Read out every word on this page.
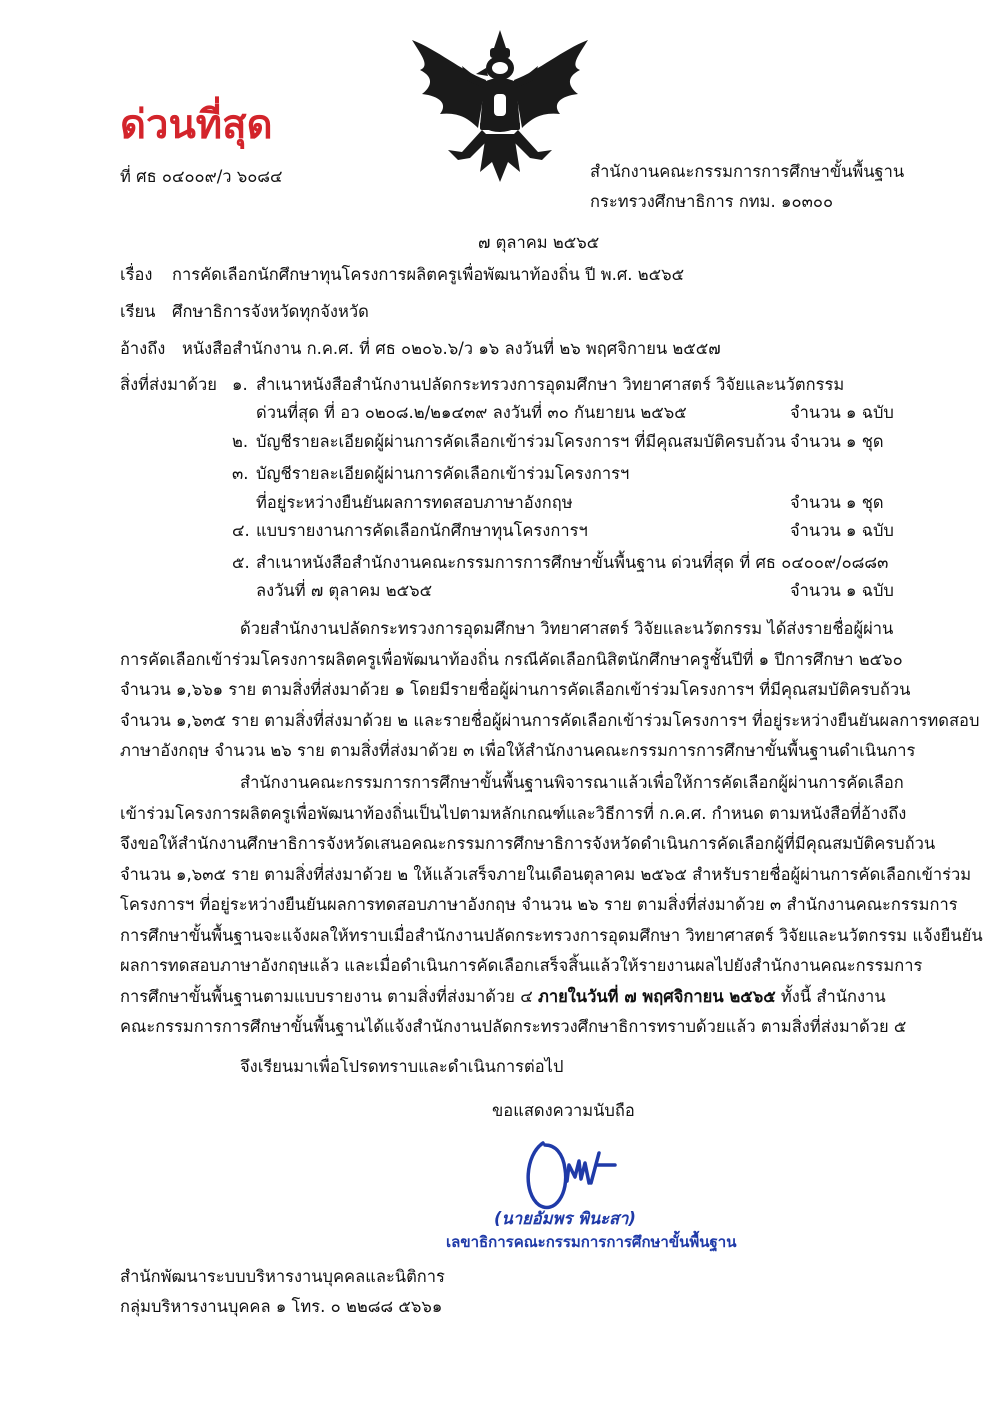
ด่วนที่สุด
ที่ ศธ ๐๔๐๐๙/ว ๖๐๘๔	สำนักงานคณะกรรมการการศึกษาขั้นพื้นฐาน
กระทรวงศึกษาธิการ กทม. ๑๐๓๐๐
๗ ตุลาคม ๒๕๖๕
เรื่อง การคัดเลือกนักศึกษาทุนโครงการผลิตครูเพื่อพัฒนาท้องถิ่น ปี พ.ศ. ๒๕๖๕
เรียน ศึกษาธิการจังหวัดทุกจังหวัด
อ้างถึง หนังสือสำนักงาน ก.ค.ศ. ที่ ศธ ๐๒๐๖.๖/ว ๑๖ ลงวันที่ ๒๖ พฤศจิกายน ๒๕๕๗
สิ่งที่ส่งมาด้วย ๑. สำเนาหนังสือสำนักงานปลัดกระทรวงการอุดมศึกษา วิทยาศาสตร์ วิจัยและนวัตกรรม
ด่วนที่สุด ที่ อว ๐๒๐๘.๒/๒๑๔๓๙ ลงวันที่ ๓๐ กันยายน ๒๕๖๕	จำนวน ๑ ฉบับ
๒. บัญชีรายละเอียดผู้ผ่านการคัดเลือกเข้าร่วมโครงการฯ ที่มีคุณสมบัติครบถ้วน จำนวน ๑ ชุด
๓. บัญชีรายละเอียดผู้ผ่านการคัดเลือกเข้าร่วมโครงการฯ
ที่อยู่ระหว่างยืนยันผลการทดสอบภาษาอังกฤษ	จำนวน ๑ ชุด
๔. แบบรายงานการคัดเลือกนักศึกษาทุนโครงการฯ	จำนวน ๑ ฉบับ
๕. สำเนาหนังสือสำนักงานคณะกรรมการการศึกษาขั้นพื้นฐาน ด่วนที่สุด ที่ ศธ ๐๔๐๐๙/๐๘๘๓
ลงวันที่ ๗ ตุลาคม ๒๕๖๕	จำนวน ๑ ฉบับ
ด้วยสำนักงานปลัดกระทรวงการอุดมศึกษา วิทยาศาสตร์ วิจัยและนวัตกรรม ได้ส่งรายชื่อผู้ผ่าน
การคัดเลือกเข้าร่วมโครงการผลิตครูเพื่อพัฒนาท้องถิ่น กรณีคัดเลือกนิสิตนักศึกษาครูชั้นปีที่ ๑ ปีการศึกษา ๒๕๖๐
จำนวน ๑,๖๖๑ ราย ตามสิ่งที่ส่งมาด้วย ๑ โดยมีรายชื่อผู้ผ่านการคัดเลือกเข้าร่วมโครงการฯ ที่มีคุณสมบัติครบถ้วน
จำนวน ๑,๖๓๕ ราย ตามสิ่งที่ส่งมาด้วย ๒ และรายชื่อผู้ผ่านการคัดเลือกเข้าร่วมโครงการฯ ที่อยู่ระหว่างยืนยันผลการทดสอบ
ภาษาอังกฤษ จำนวน ๒๖ ราย ตามสิ่งที่ส่งมาด้วย ๓ เพื่อให้สำนักงานคณะกรรมการการศึกษาขั้นพื้นฐานดำเนินการ
สำนักงานคณะกรรมการการศึกษาขั้นพื้นฐานพิจารณาแล้วเพื่อให้การคัดเลือกผู้ผ่านการคัดเลือก
เข้าร่วมโครงการผลิตครูเพื่อพัฒนาท้องถิ่นเป็นไปตามหลักเกณฑ์และวิธีการที่ ก.ค.ศ. กำหนด ตามหนังสือที่อ้างถึง
จึงขอให้สำนักงานศึกษาธิการจังหวัดเสนอคณะกรรมการศึกษาธิการจังหวัดดำเนินการคัดเลือกผู้ที่มีคุณสมบัติครบถ้วน
จำนวน ๑,๖๓๕ ราย ตามสิ่งที่ส่งมาด้วย ๒ ให้แล้วเสร็จภายในเดือนตุลาคม ๒๕๖๕ สำหรับรายชื่อผู้ผ่านการคัดเลือกเข้าร่วม
โครงการฯ ที่อยู่ระหว่างยืนยันผลการทดสอบภาษาอังกฤษ จำนวน ๒๖ ราย ตามสิ่งที่ส่งมาด้วย ๓ สำนักงานคณะกรรมการ
การศึกษาขั้นพื้นฐานจะแจ้งผลให้ทราบเมื่อสำนักงานปลัดกระทรวงการอุดมศึกษา วิทยาศาสตร์ วิจัยและนวัตกรรม แจ้งยืนยัน
ผลการทดสอบภาษาอังกฤษแล้ว และเมื่อดำเนินการคัดเลือกเสร็จสิ้นแล้วให้รายงานผลไปยังสำนักงานคณะกรรมการ
การศึกษาขั้นพื้นฐานตามแบบรายงาน ตามสิ่งที่ส่งมาด้วย ๔ ภายในวันที่ ๗ พฤศจิกายน ๒๕๖๕ ทั้งนี้ สำนักงาน
คณะกรรมการการศึกษาขั้นพื้นฐานได้แจ้งสำนักงานปลัดกระทรวงศึกษาธิการทราบด้วยแล้ว ตามสิ่งที่ส่งมาด้วย ๕
จึงเรียนมาเพื่อโปรดทราบและดำเนินการต่อไป
ขอแสดงความนับถือ
(นายอัมพร พินะสา)
เลขาธิการคณะกรรมการการศึกษาขั้นพื้นฐาน
สำนักพัฒนาระบบบริหารงานบุคคลและนิติการ
กลุ่มบริหารงานบุคคล ๑ โทร. ๐ ๒๒๘๘ ๕๖๖๑
